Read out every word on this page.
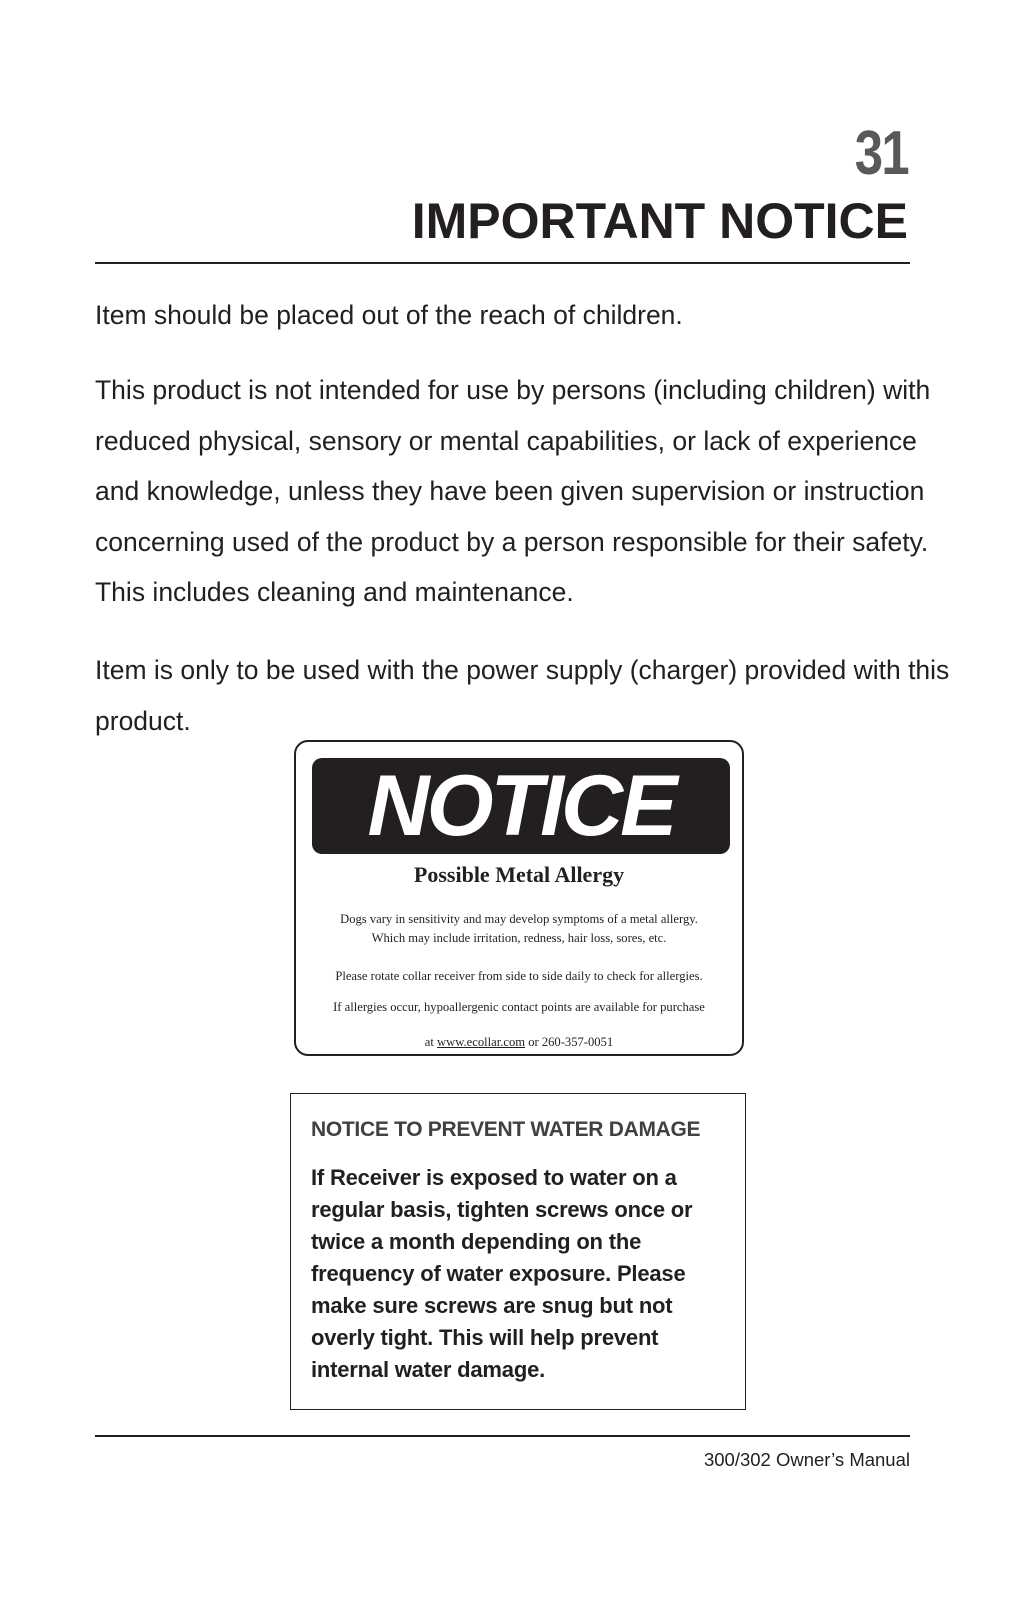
31
IMPORTANT NOTICE

Item should be placed out of the reach of children.

This product is not intended for use by persons (including children) with reduced physical, sensory or mental capabilities, or lack of experience and knowledge, unless they have been given supervision or instruction concerning used of the product by a person responsible for their safety. This includes cleaning and maintenance.

Item is only to be used with the power supply (charger) provided with this product.

NOTICE
Possible Metal Allergy
Dogs vary in sensitivity and may develop symptoms of a metal allergy.
Which may include irritation, redness, hair loss, sores, etc.
Please rotate collar receiver from side to side daily to check for allergies.
If allergies occur, hypoallergenic contact points are available for purchase
at www.ecollar.com or 260-357-0051
NOTICE TO PREVENT WATER DAMAGE
If Receiver is exposed to water on a regular basis, tighten screws once or twice a month depending on the frequency of water exposure. Please make sure screws are snug but not overly tight. This will help prevent internal water damage.
300/302 Owner’s Manual
